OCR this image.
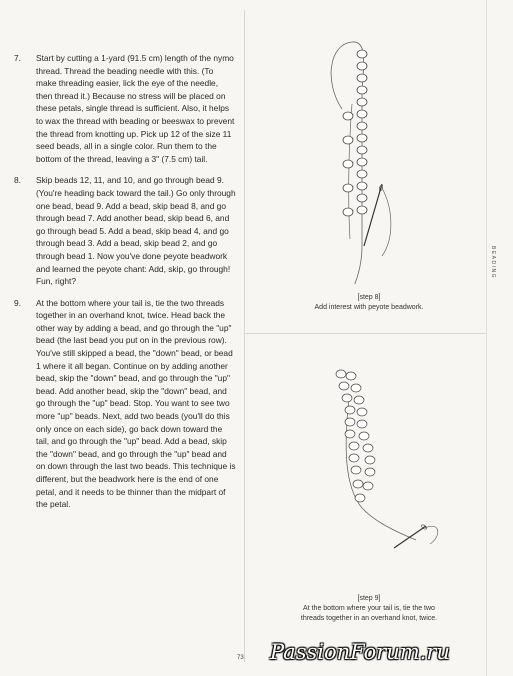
7.	Start by cutting a 1-yard (91.5 cm) length of the nymo thread. Thread the beading needle with this. (To make threading easier, lick the eye of the needle, then thread it.) Because no stress will be placed on these petals, single thread is sufficient. Also, it helps to wax the thread with beading or beeswax to prevent the thread from knotting up. Pick up 12 of the size 11 seed beads, all in a single color. Run them to the bottom of the thread, leaving a 3" (7.5 cm) tail.
8.	Skip beads 12, 11, and 10, and go through bead 9. (You're heading back toward the tail.) Go only through one bead, bead 9. Add a bead, skip bead 8, and go through bead 7. Add another bead, skip bead 6, and go through bead 5. Add a bead, skip bead 4, and go through bead 3. Add a bead, skip bead 2, and go through bead 1. Now you've done peyote beadwork and learned the peyote chant: Add, skip, go through! Fun, right?
9.	At the bottom where your tail is, tie the two threads together in an overhand knot, twice. Head back the other way by adding a bead, and go through the "up" bead (the last bead you put on in the previous row). You've still skipped a bead, the "down" bead, or bead 1 where it all began. Continue on by adding another bead, skip the "down" bead, and go through the "up" bead. Add another bead, skip the "down" bead, and go through the "up" bead. Stop. You want to see two more "up" beads. Next, add two beads (you'll do this only once on each side), go back down toward the tail, and go through the "up" bead. Add a bead, skip the "down" bead, and go through the "up" bead and on down through the last two beads. This technique is different, but the beadwork here is the end of one petal, and it needs to be thinner than the midpart of the petal.
BEADING
[step 8]
Add interest with peyote beadwork.
[step 9]
At the bottom where your tail is, tie the two threads together in an overhand knot, twice.
73 PassionForum.ru
